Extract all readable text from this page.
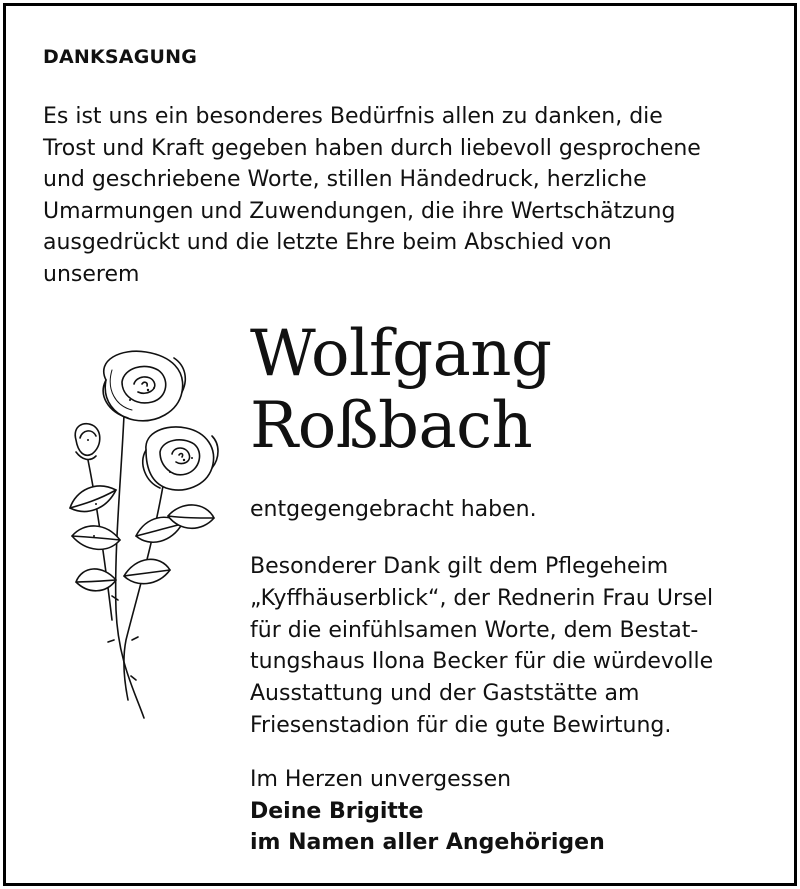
DANKSAGUNG
Es ist uns ein besonderes Bedürfnis allen zu danken, die
Trost und Kraft gegeben haben durch liebevoll gesprochene
und geschriebene Worte, stillen Händedruck, herzliche
Umarmungen und Zuwendungen, die ihre Wertschätzung
ausgedrückt und die letzte Ehre beim Abschied von
unserem
Wolfgang
Roßbach
entgegengebracht haben.
Besonderer Dank gilt dem Pflegeheim
„Kyffhäuserblick“, der Rednerin Frau Ursel
für die einfühlsamen Worte, dem Bestat-
tungshaus Ilona Becker für die würdevolle
Ausstattung und der Gaststätte am
Friesenstadion für die gute Bewirtung.
Im Herzen unvergessen
Deine Brigitte
im Namen aller Angehörigen
